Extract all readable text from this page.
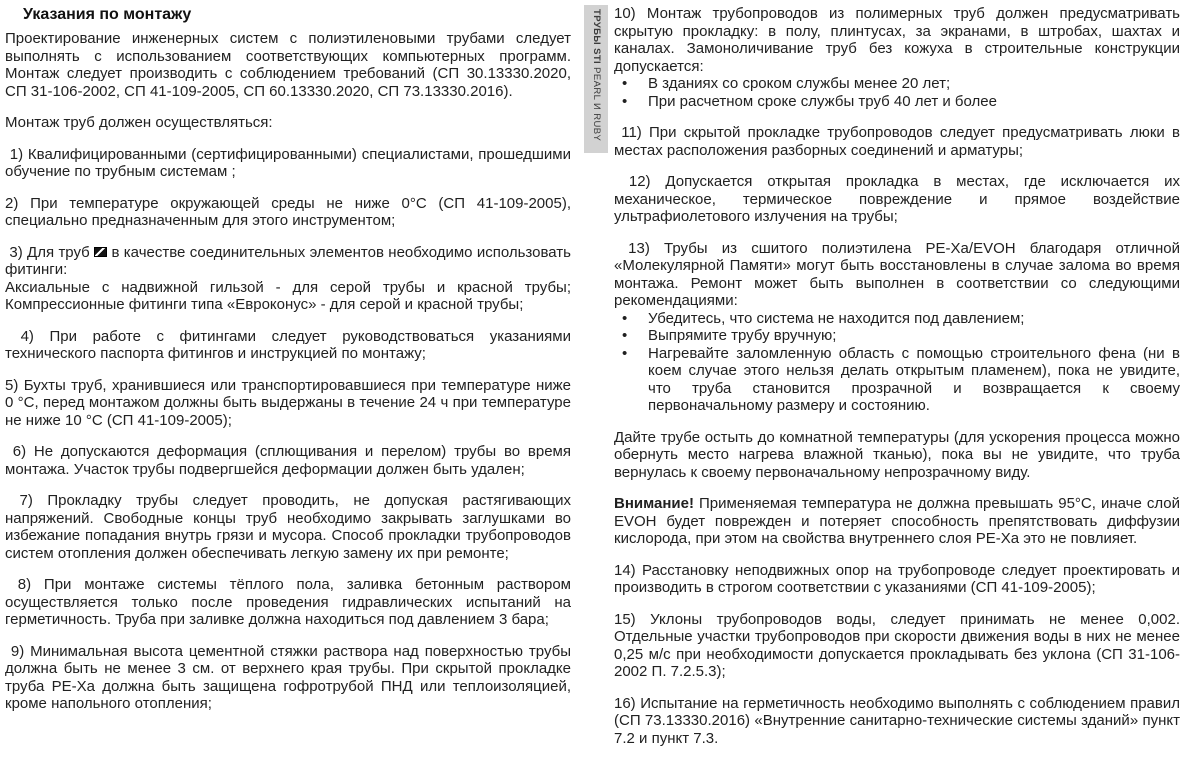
Указания по монтажу

Проектирование инженерных систем с полиэтиленовыми трубами следует выполнять с использованием соответствующих компьютерных программ. Монтаж следует производить с соблюдением требований (СП 30.13330.2020, СП 31-106-2002, СП 41-109-2005, СП 60.13330.2020, СП 73.13330.2016).

Монтаж труб должен осуществляться:

1) Квалифицированными (сертифицированными) специалистами, прошедшими обучение по трубным системам ;

2) При температуре окружающей среды не ниже 0°С (СП 41-109-2005), специально предназначенным для этого инструментом;

3) Для труб  в качестве соединительных элементов необходимо использовать фитинги:

Аксиальные с надвижной гильзой - для серой трубы и красной трубы; Компрессионные фитинги типа «Евроконус» - для серой и красной трубы;

4) При работе с фитингами следует руководствоваться указаниями технического паспорта фитингов и инструкцией по монтажу;

5) Бухты труб, хранившиеся или транспортировавшиеся при температуре ниже 0 °С, перед монтажом должны быть выдержаны в течение 24 ч при температуре не ниже 10 °С (СП 41-109-2005);

6) Не допускаются деформация (сплющивания и перелом) трубы во время монтажа. Участок трубы подвергшейся деформации должен быть удален;

7) Прокладку трубы следует проводить, не допуская растягивающих напряжений. Свободные концы труб необходимо закрывать заглушками во избежание попадания внутрь грязи и мусора. Способ прокладки трубопроводов систем отопления должен обеспечивать легкую замену их при ремонте;

8) При монтаже системы тёплого пола, заливка бетонным раствором осуществляется только после проведения гидравлических испытаний на герметичность. Труба при заливке должна находиться под давлением 3 бара;

9) Минимальная высота цементной стяжки раствора над поверхностью трубы должна быть не менее 3 см. от верхнего края трубы. При скрытой прокладке труба РЕ-Ха должна быть защищена гофротрубой ПНД или теплоизоляцией, кроме напольного отопления;

ТРУБЫ STI PEARL И RUBY

10) Монтаж трубопроводов из полимерных труб должен предусматривать скрытую прокладку: в полу, плинтусах, за экранами, в штробах, шахтах и каналах. Замоноличивание труб без кожуха в строительные конструкции допускается:

•	В зданиях со сроком службы менее 20 лет;
•	При расчетном сроке службы труб 40 лет и более

11) При скрытой прокладке трубопроводов следует предусматривать люки в местах расположения разборных соединений и арматуры;

12) Допускается открытая прокладка в местах, где исключается их механическое, термическое повреждение и прямое воздействие ультрафиолетового излучения на трубы;

13) Трубы из сшитого полиэтилена PE-Xa/EVOH благодаря отличной «Молекулярной Памяти» могут быть восстановлены в случае залома во время монтажа. Ремонт может быть выполнен в соответствии со следующими рекомендациями:

•	Убедитесь, что система не находится под давлением;
•	Выпрямите трубу вручную;
•	Нагревайте заломленную область с помощью строительного фена (ни в коем случае этого нельзя делать открытым пламенем), пока не увидите, что труба становится прозрачной и возвращается к своему первоначальному размеру и состоянию.

Дайте трубе остыть до комнатной температуры (для ускорения процесса можно обернуть место нагрева влажной тканью), пока вы не увидите, что труба вернулась к своему первоначальному непрозрачному виду.

Внимание! Применяемая температура не должна превышать 95°С, иначе слой EVOH будет поврежден и потеряет способность препятствовать диффузии кислорода, при этом на свойства внутреннего слоя PE-Xa это не повлияет.

14) Расстановку неподвижных опор на трубопроводе следует проектировать и производить в строгом соответствии с указаниями (СП 41-109-2005);

15) Уклоны трубопроводов воды, следует принимать не менее 0,002. Отдельные участки трубопроводов при скорости движения воды в них не менее 0,25 м/с при необходимости допускается прокладывать без уклона (СП 31-106-2002 П. 7.2.5.3);

16) Испытание на герметичность необходимо выполнять с соблюдением правил (СП 73.13330.2016) «Внутренние санитарно-технические системы зданий» пункт 7.2 и пункт 7.3.
